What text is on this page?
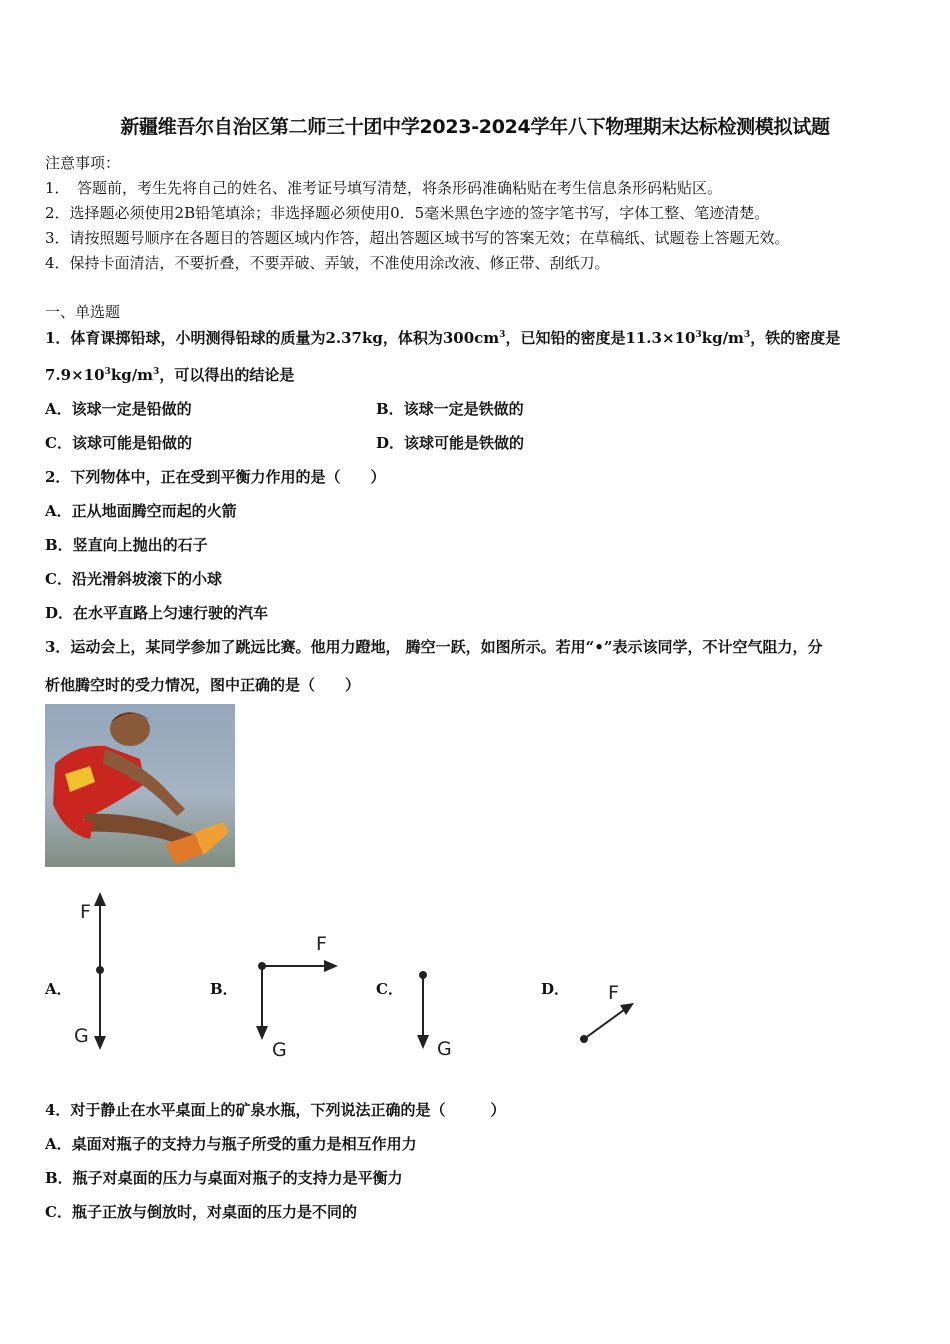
新疆维吾尔自治区第二师三十团中学2023-2024学年八下物理期末达标检测模拟试题
注意事项：
1．　答题前，考生先将自己的姓名、准考证号填写清楚，将条形码准确粘贴在考生信息条形码粘贴区。
2．选择题必须使用2B铅笔填涂；非选择题必须使用0．5毫米黑色字迹的签字笔书写，字体工整、笔迹清楚。
3．请按照题号顺序在各题目的答题区域内作答，超出答题区域书写的答案无效；在草稿纸、试题卷上答题无效。
4．保持卡面清洁，不要折叠，不要弄破、弄皱，不准使用涂改液、修正带、刮纸刀。
一、单选题
1．体育课掷铅球，小明测得铅球的质量为2.37kg，体积为$300cm^3$，已知铅的密度是$11.3\times 10^3kg/m^3$，铁的密度是
$7.9\times 10^3kg/m^3$，可以得出的结论是
A．该球一定是铅做的	B．该球一定是铁做的
C．该球可能是铅做的	D．该球可能是铁做的
2．下列物体中，正在受到平衡力作用的是（　　）
A．正从地面腾空而起的火箭
B．竖直向上抛出的石子
C．沿光滑斜坡滚下的小球
D．在水平直路上匀速行驶的汽车
3．运动会上，某同学参加了跳远比赛。他用力蹬地， 腾空一跃，如图所示。若用“•”表示该同学，不计空气阻力，分
析他腾空时的受力情况，图中正确的是（　　）
A．	B．	C．	D．
F
G
F
G	G
F
4．对于静止在水平桌面上的矿泉水瓶，下列说法正确的是（　　　）
A．桌面对瓶子的支持力与瓶子所受的重力是相互作用力
B．瓶子对桌面的压力与桌面对瓶子的支持力是平衡力
C．瓶子正放与倒放时，对桌面的压力是不同的
